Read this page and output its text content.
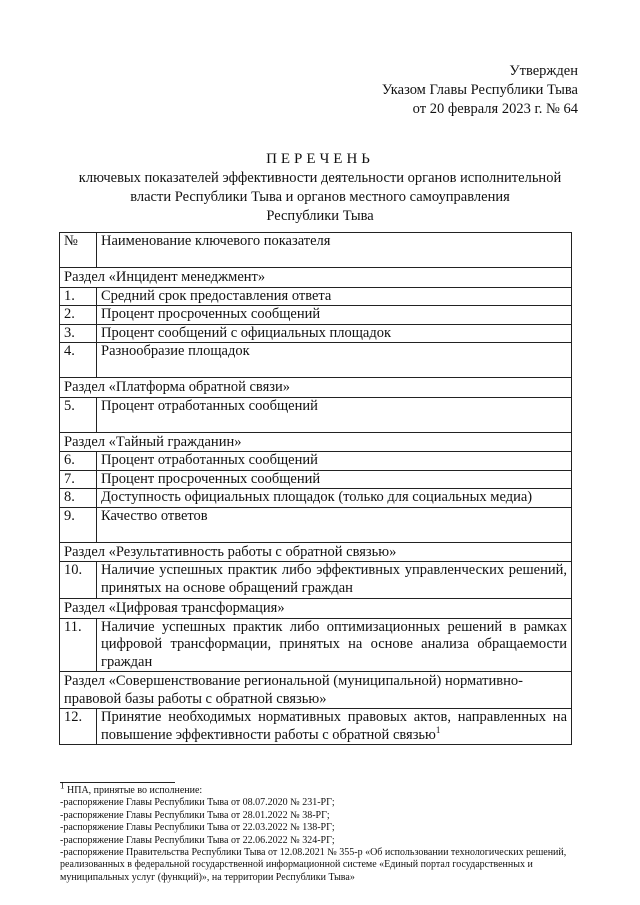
Утвержден
Указом Главы Республики Тыва
от 20 февраля 2023 г. № 64
ПЕРЕЧЕНЬ
ключевых показателей эффективности деятельности органов исполнительной
власти Республики Тыва и органов местного самоуправления
Республики Тыва
№	Наименование ключевого показателя
Раздел «Инцидент менеджмент»	
1.	Средний срок предоставления ответа
2.	Процент просроченных сообщений
3.	Процент сообщений с официальных площадок
4.	Разнообразие площадок
Раздел «Платформа обратной связи»	
5.	Процент отработанных сообщений
Раздел «Тайный гражданин»	
6.	Процент отработанных сообщений
7.	Процент просроченных сообщений
8.	Доступность официальных площадок (только для социальных медиа)
9.	Качество ответов
Раздел «Результативность работы с обратной связью»	
10.	Наличие успешных практик либо эффективных управленческих решений, принятых на основе обращений граждан
Раздел «Цифровая трансформация»	
11.	Наличие успешных практик либо оптимизационных решений в рамках цифровой трансформации, принятых на основе анализа обращаемости граждан
Раздел «Совершенствование региональной (муниципальной) нормативно-правовой базы работы с обратной связью»	
12.	Принятие необходимых нормативных правовых актов, направленных на повышение эффективности работы с обратной связью$^1$
$^1$ НПА, принятые во исполнение:
-распоряжение Главы Республики Тыва от 08.07.2020 № 231-РГ;
-распоряжение Главы Республики Тыва от 28.01.2022 № 38-РГ;
-распоряжение Главы Республики Тыва от 22.03.2022 № 138-РГ;
-распоряжение Главы Республики Тыва от 22.06.2022 № 324-РГ;
-распоряжение Правительства Республики Тыва от 12.08.2021 № 355-р «Об использовании технологических решений, реализованных в федеральной государственной информационной системе «Единый портал государственных и муниципальных услуг (функций)», на территории Республики Тыва»
